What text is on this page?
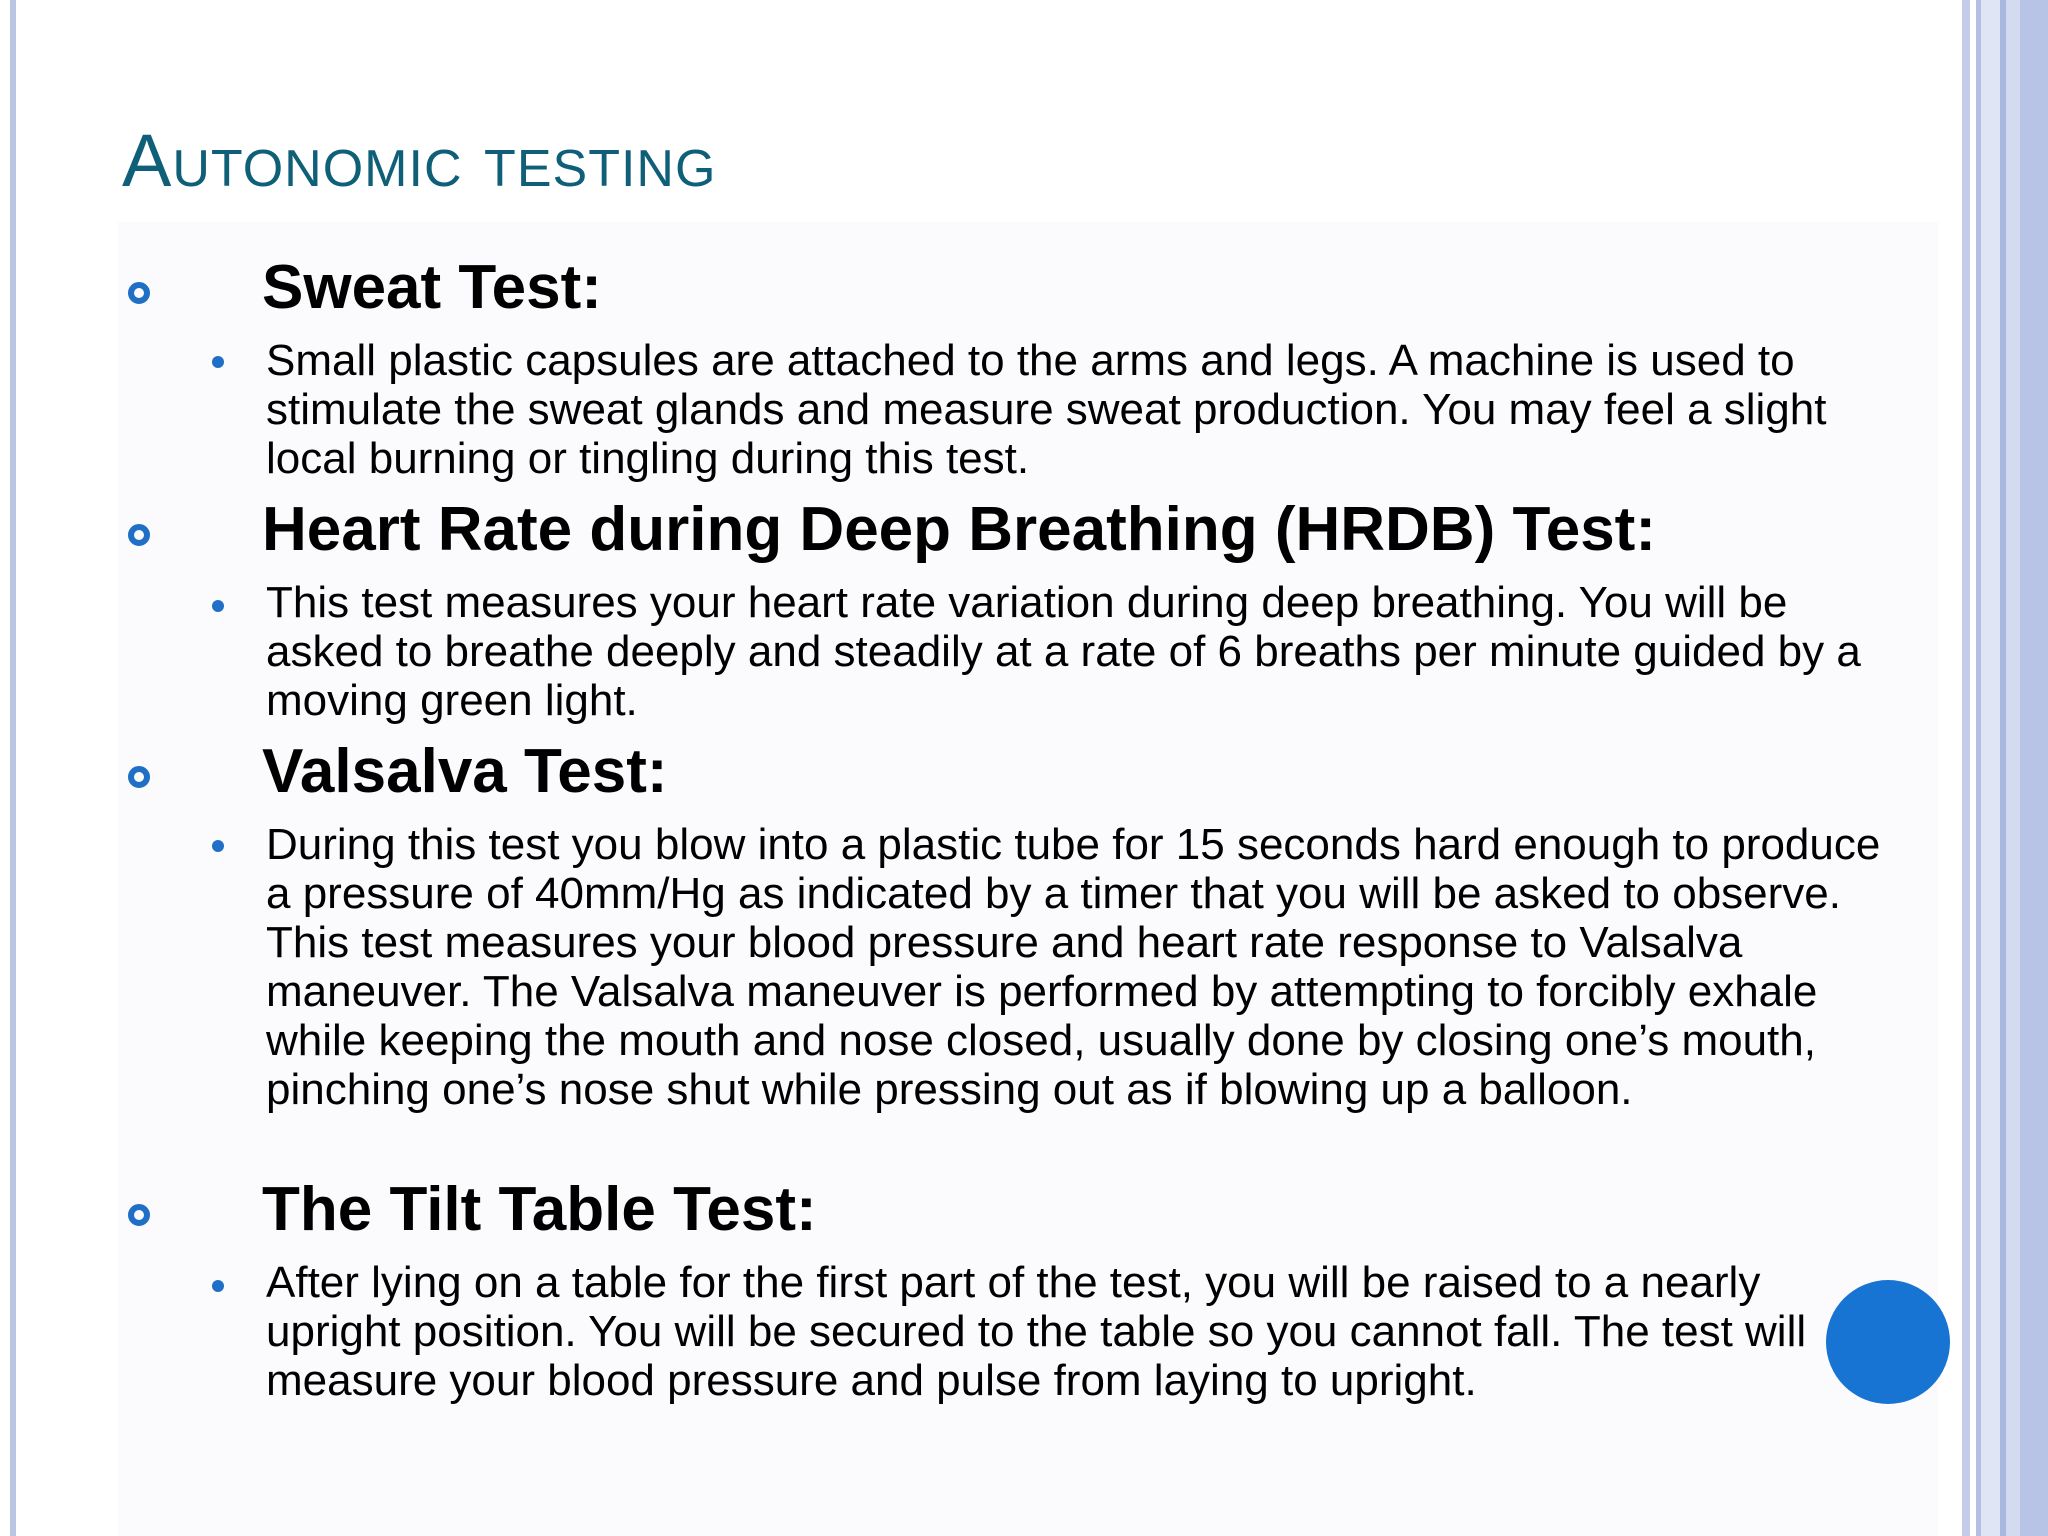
Autonomic testing
Sweat Test:
Small plastic capsules are attached to the arms and legs. A machine is used to stimulate the sweat glands and measure sweat production. You may feel a slight local burning or tingling during this test.
Heart Rate during Deep Breathing (HRDB) Test:
This test measures your heart rate variation during deep breathing. You will be asked to breathe deeply and steadily at a rate of 6 breaths per minute guided by a moving green light.
Valsalva Test:
During this test you blow into a plastic tube for 15 seconds hard enough to produce a pressure of 40mm/Hg as indicated by a timer that you will be asked to observe. This test measures your blood pressure and heart rate response to Valsalva maneuver. The Valsalva maneuver is performed by attempting to forcibly exhale while keeping the mouth and nose closed, usually done by closing one’s mouth, pinching one’s nose shut while pressing out as if blowing up a balloon.
The Tilt Table Test:
After lying on a table for the first part of the test, you will be raised to a nearly upright position. You will be secured to the table so you cannot fall. The test will measure your blood pressure and pulse from laying to upright.
